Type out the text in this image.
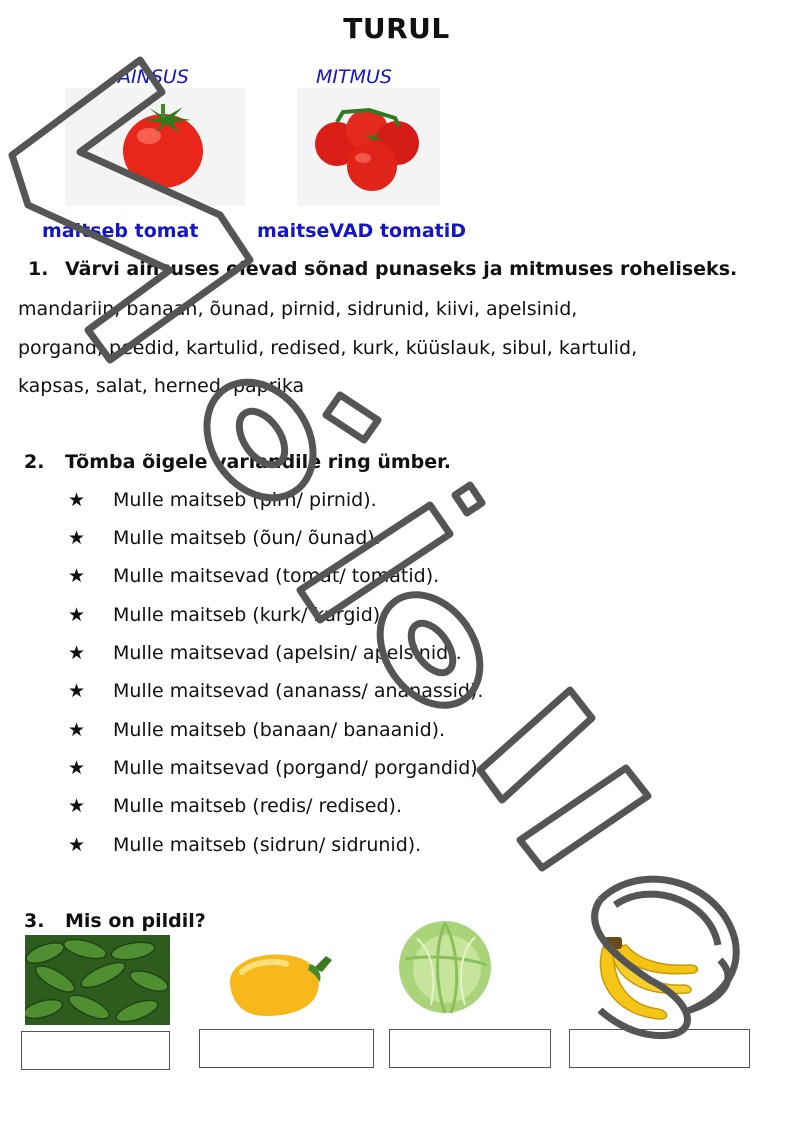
TURUL
AINSUS	MITMUS
maitseb tomat	maitseVAD tomatiD
1. Värvi ainsuses olevad sõnad punaseks ja mitmuses roheliseks.
mandariin, banaan, õunad, pirnid, sidrunid, kiivi, apelsinid,
porgand, peedid, kartulid, redised, kurk, küüslauk, sibul, kartulid,
kapsas, salat, herned, paprika
2. Tõmba õigele variandile ring ümber.
★ Mulle maitseb (pirn/ pirnid).
★ Mulle maitseb (õun/ õunad).
★ Mulle maitsevad (tomat/ tomatid).
★ Mulle maitseb (kurk/ kurgid).
★ Mulle maitsevad (apelsin/ apelsinid).
★ Mulle maitsevad (ananass/ ananassid).
★ Mulle maitseb (banaan/ banaanid).
★ Mulle maitsevad (porgand/ porgandid).
★ Mulle maitseb (redis/ redised).
★ Mulle maitseb (sidrun/ sidrunid).
3. Mis on pildil?
